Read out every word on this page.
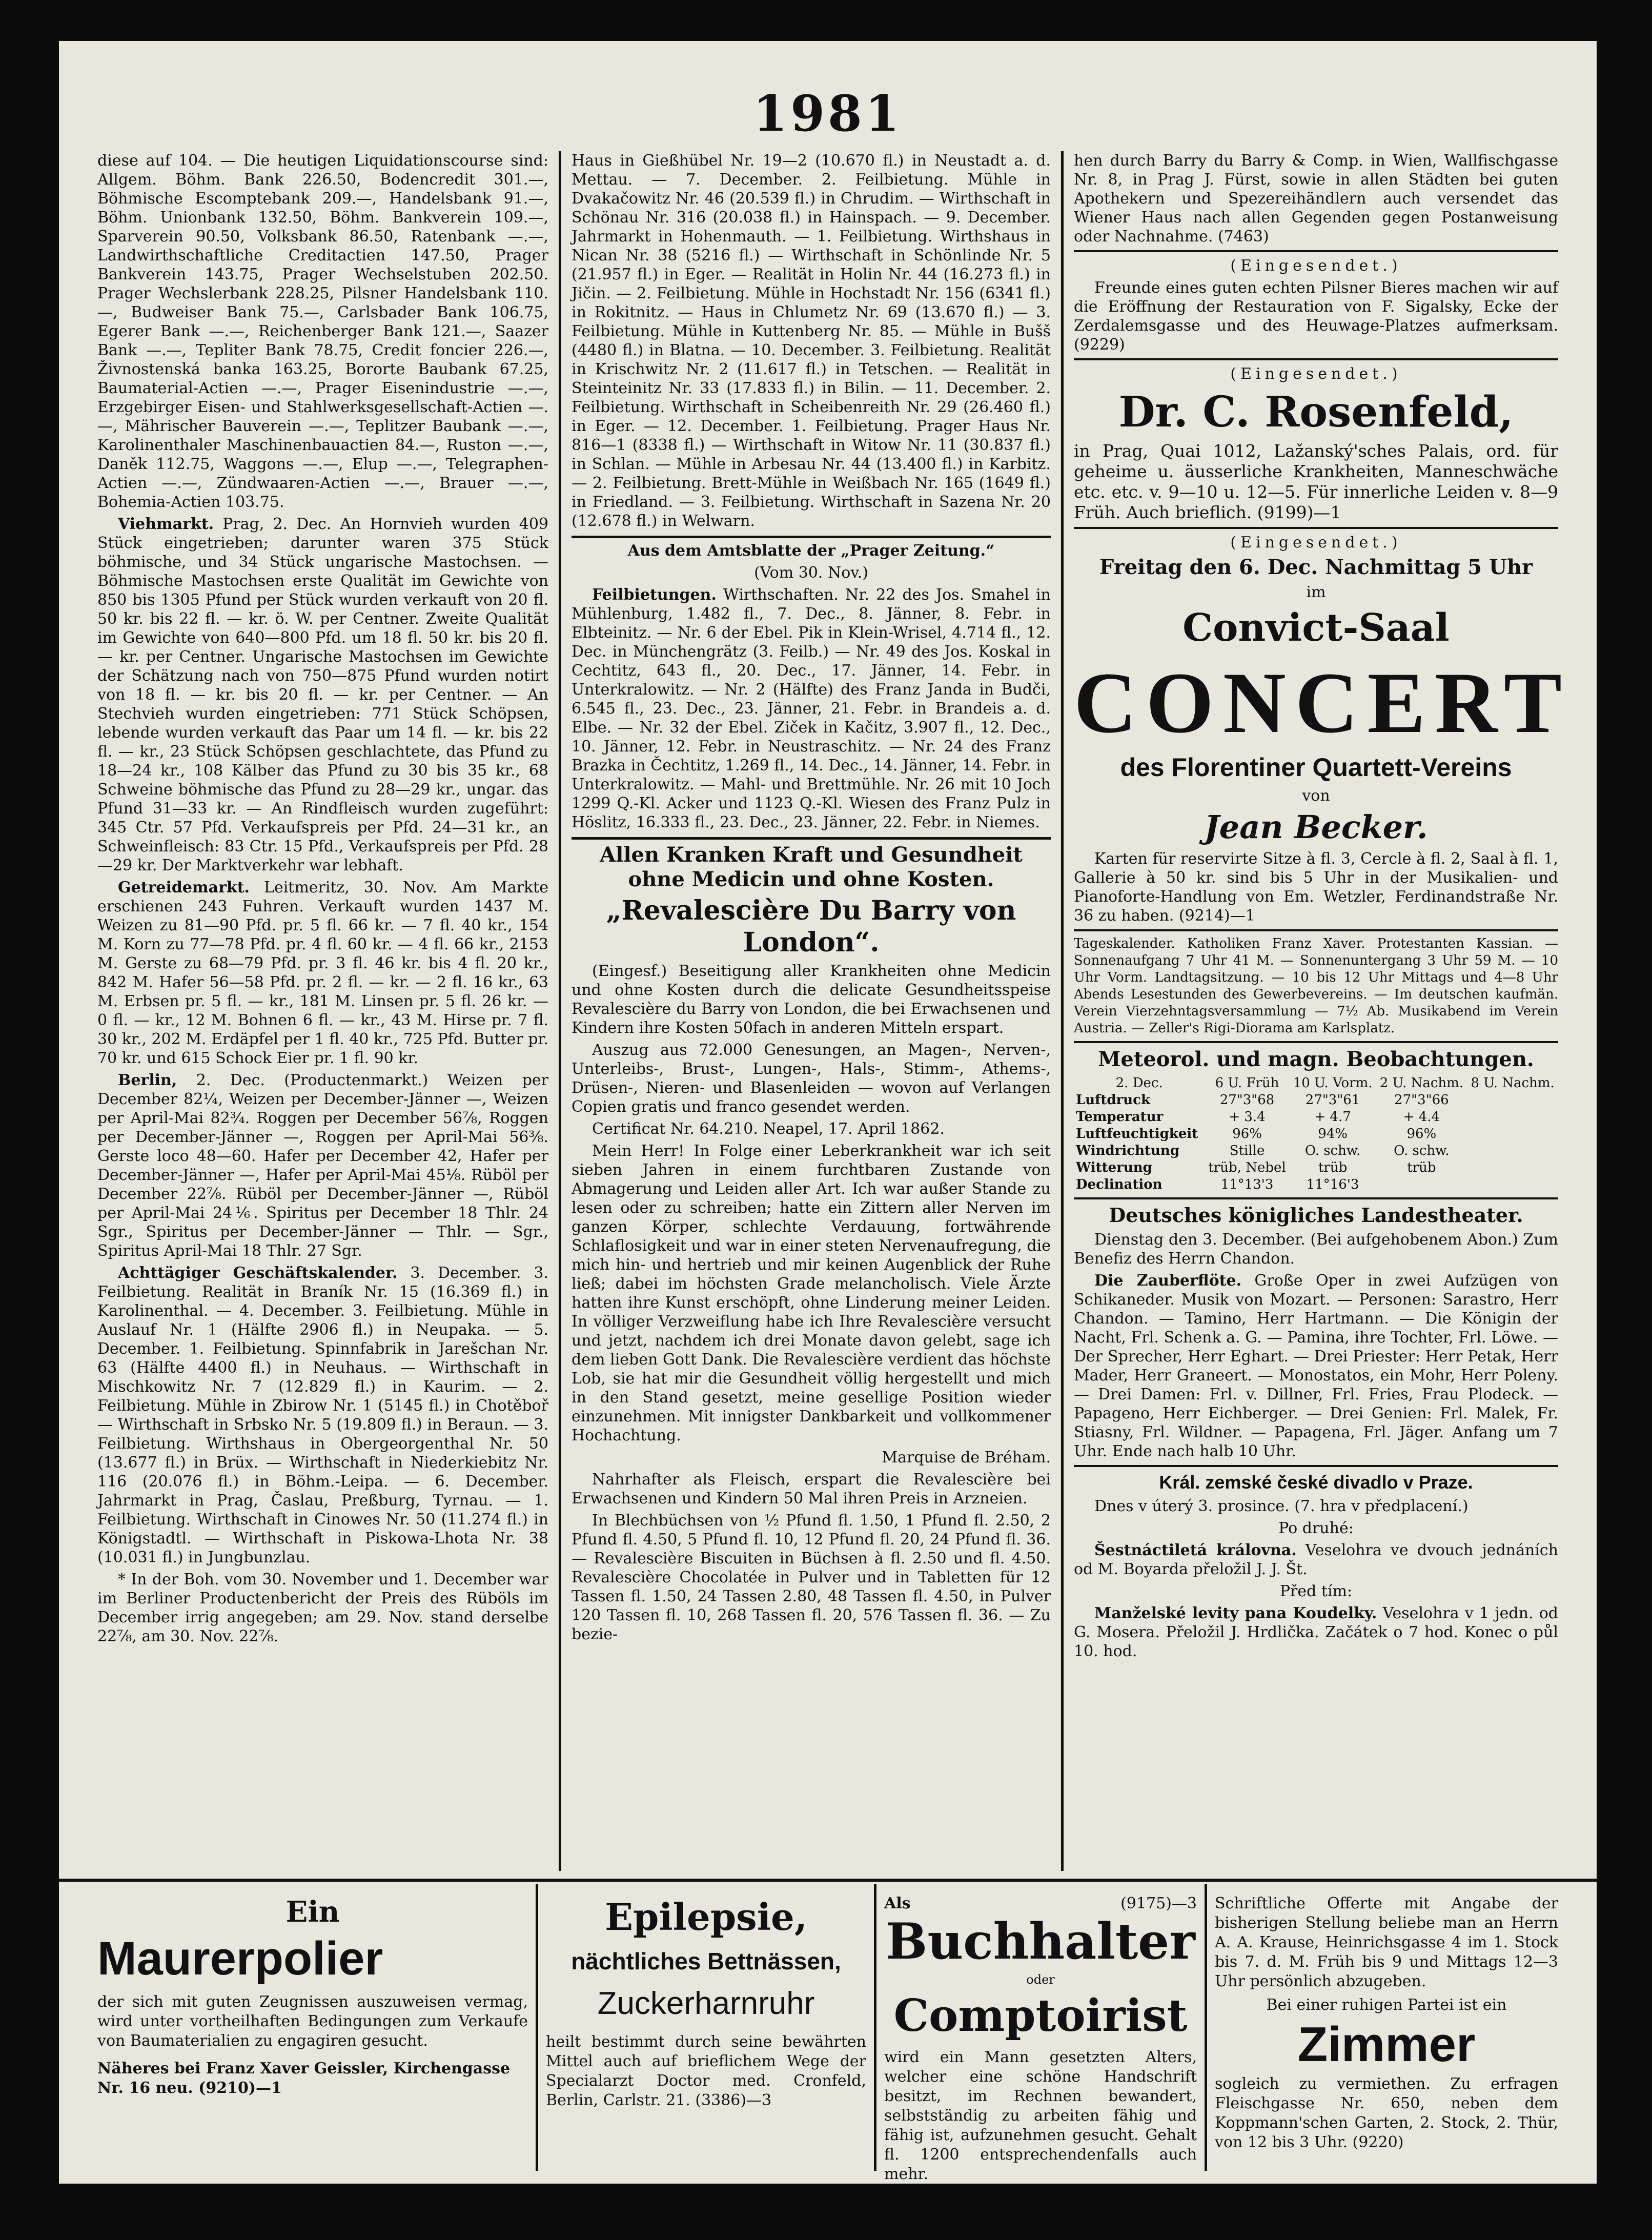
1981

diese auf 104. — Die heutigen Liquidationscourse sind: Allgem. Böhm. Bank 226.50, Bodencredit 301.—, Böhmische Escomptebank 209.—, Handelsbank 91.—, Böhm. Unionbank 132.50, Böhm. Bankverein 109.—, Sparverein 90.50, Volksbank 86.50, Ratenbank —.—, Landwirthschaftliche Creditactien 147.50, Prager Bankverein 143.75, Prager Wechselstuben 202.50. Prager Wechslerbank 228.25, Pilsner Handelsbank 110.—, Budweiser Bank 75.—, Carlsbader Bank 106.75, Egerer Bank —.—, Reichenberger Bank 121.—, Saazer Bank —.—, Tepliter Bank 78.75, Credit foncier 226.—, Živnostenská banka 163.25, Bororte Baubank 67.25, Baumaterial-Actien —.—, Prager Eisenindustrie —.—, Erzgebirger Eisen- und Stahlwerksgesellschaft-Actien —.—, Mährischer Bauverein —.—, Teplitzer Baubank —.—, Karolinenthaler Maschinenbauactien 84.—, Ruston —.—, Daněk 112.75, Waggons —.—, Elup —.—, Telegraphen-Actien —.—, Zündwaaren-Actien —.—, Brauer —.—, Bohemia-Actien 103.75.

Viehmarkt. Prag, 2. Dec. An Hornvieh wurden 409 Stück eingetrieben; darunter waren 375 Stück böhmische, und 34 Stück ungarische Mastochsen. — Böhmische Mastochsen erste Qualität im Gewichte von 850 bis 1305 Pfund per Stück wurden verkauft von 20 fl. 50 kr. bis 22 fl. — kr. ö. W. per Centner. Zweite Qualität im Gewichte von 640—800 Pfd. um 18 fl. 50 kr. bis 20 fl. — kr. per Centner. Ungarische Mastochsen im Gewichte der Schätzung nach von 750—875 Pfund wurden notirt von 18 fl. — kr. bis 20 fl. — kr. per Centner. — An Stechvieh wurden eingetrieben: 771 Stück Schöpsen, lebende wurden verkauft das Paar um 14 fl. — kr. bis 22 fl. — kr., 23 Stück Schöpsen geschlachtete, das Pfund zu 18—24 kr., 108 Kälber das Pfund zu 30 bis 35 kr., 68 Schweine böhmische das Pfund zu 28—29 kr., ungar. das Pfund 31—33 kr. — An Rindfleisch wurden zugeführt: 345 Ctr. 57 Pfd. Verkaufspreis per Pfd. 24—31 kr., an Schweinfleisch: 83 Ctr. 15 Pfd., Verkaufspreis per Pfd. 28—29 kr. Der Marktverkehr war lebhaft.

Getreidemarkt. Leitmeritz, 30. Nov. Am Markte erschienen 243 Fuhren. Verkauft wurden 1437 M. Weizen zu 81—90 Pfd. pr. 5 fl. 66 kr. — 7 fl. 40 kr., 154 M. Korn zu 77—78 Pfd. pr. 4 fl. 60 kr. — 4 fl. 66 kr., 2153 M. Gerste zu 68—79 Pfd. pr. 3 fl. 46 kr. bis 4 fl. 20 kr., 842 M. Hafer 56—58 Pfd. pr. 2 fl. — kr. — 2 fl. 16 kr., 63 M. Erbsen pr. 5 fl. — kr., 181 M. Linsen pr. 5 fl. 26 kr. — 0 fl. — kr., 12 M. Bohnen 6 fl. — kr., 43 M. Hirse pr. 7 fl. 30 kr., 202 M. Erdäpfel per 1 fl. 40 kr., 725 Pfd. Butter pr. 70 kr. und 615 Schock Eier pr. 1 fl. 90 kr.

Berlin, 2. Dec. (Productenmarkt.) Weizen per December 82¼, Weizen per December-Jänner —, Weizen per April-Mai 82¾. Roggen per December 56⅞, Roggen per December-Jänner —, Roggen per April-Mai 56⅜. Gerste loco 48—60. Hafer per December 42, Hafer per December-Jänner —, Hafer per April-Mai 45⅛. Rüböl per December 22⅞. Rüböl per December-Jänner —, Rüböl per April-Mai 24⅙. Spiritus per December 18 Thlr. 24 Sgr., Spiritus per December-Jänner — Thlr. — Sgr., Spiritus April-Mai 18 Thlr. 27 Sgr.

Achttägiger Geschäftskalender. 3. December. 3. Feilbietung. Realität in Braník Nr. 15 (16.369 fl.) in Karolinenthal. — 4. December. 3. Feilbietung. Mühle in Auslauf Nr. 1 (Hälfte 2906 fl.) in Neupaka. — 5. December. 1. Feilbietung. Spinnfabrik in Jarešchan Nr. 63 (Hälfte 4400 fl.) in Neuhaus. — Wirthschaft in Mischkowitz Nr. 7 (12.829 fl.) in Kaurim. — 2. Feilbietung. Mühle in Zbirow Nr. 1 (5145 fl.) in Chotěboř — Wirthschaft in Srbsko Nr. 5 (19.809 fl.) in Beraun. — 3. Feilbietung. Wirthshaus in Obergeorgenthal Nr. 50 (13.677 fl.) in Brüx. — Wirthschaft in Niederkiebitz Nr. 116 (20.076 fl.) in Böhm.-Leipa. — 6. December. Jahrmarkt in Prag, Časlau, Preßburg, Tyrnau. — 1. Feilbietung. Wirthschaft in Cinowes Nr. 50 (11.274 fl.) in Königstadtl. — Wirthschaft in Piskowa-Lhota Nr. 38 (10.031 fl.) in Jungbunzlau.

* In der Boh. vom 30. November und 1. December war im Berliner Productenbericht der Preis des Rüböls im December irrig angegeben; am 29. Nov. stand derselbe 22⅞, am 30. Nov. 22⅞.

Haus in Gießhübel Nr. 19—2 (10.670 fl.) in Neustadt a. d. Mettau. — 7. December. 2. Feilbietung. Mühle in Dvakačowitz Nr. 46 (20.539 fl.) in Chrudim. — Wirthschaft in Schönau Nr. 316 (20.038 fl.) in Hainspach. — 9. December. Jahrmarkt in Hohenmauth. — 1. Feilbietung. Wirthshaus in Nican Nr. 38 (5216 fl.) — Wirthschaft in Schönlinde Nr. 5 (21.957 fl.) in Eger. — Realität in Holin Nr. 44 (16.273 fl.) in Jičin. — 2. Feilbietung. Mühle in Hochstadt Nr. 156 (6341 fl.) in Rokitnitz. — Haus in Chlumetz Nr. 69 (13.670 fl.) — 3. Feilbietung. Mühle in Kuttenberg Nr. 85. — Mühle in Bušš (4480 fl.) in Blatna. — 10. December. 3. Feilbietung. Realität in Krischwitz Nr. 2 (11.617 fl.) in Tetschen. — Realität in Steinteinitz Nr. 33 (17.833 fl.) in Bilin. — 11. December. 2. Feilbietung. Wirthschaft in Scheibenreith Nr. 29 (26.460 fl.) in Eger. — 12. December. 1. Feilbietung. Prager Haus Nr. 816—1 (8338 fl.) — Wirthschaft in Witow Nr. 11 (30.837 fl.) in Schlan. — Mühle in Arbesau Nr. 44 (13.400 fl.) in Karbitz. — 2. Feilbietung. Brett-Mühle in Weißbach Nr. 165 (1649 fl.) in Friedland. — 3. Feilbietung. Wirthschaft in Sazena Nr. 20 (12.678 fl.) in Welwarn.

Aus dem Amtsblatte der „Prager Zeitung.“

(Vom 30. Nov.)

Feilbietungen. Wirthschaften. Nr. 22 des Jos. Smahel in Mühlenburg, 1.482 fl., 7. Dec., 8. Jänner, 8. Febr. in Elbteinitz. — Nr. 6 der Ebel. Pik in Klein-Wrisel, 4.714 fl., 12. Dec. in Münchengrätz (3. Feilb.) — Nr. 49 des Jos. Koskal in Cechtitz, 643 fl., 20. Dec., 17. Jänner, 14. Febr. in Unterkralowitz. — Nr. 2 (Hälfte) des Franz Janda in Budči, 6.545 fl., 23. Dec., 23. Jänner, 21. Febr. in Brandeis a. d. Elbe. — Nr. 32 der Ebel. Ziček in Kačitz, 3.907 fl., 12. Dec., 10. Jänner, 12. Febr. in Neustraschitz. — Nr. 24 des Franz Brazka in Čechtitz, 1.269 fl., 14. Dec., 14. Jänner, 14. Febr. in Unterkralowitz. — Mahl- und Brettmühle. Nr. 26 mit 10 Joch 1299 Q.-Kl. Acker und 1123 Q.-Kl. Wiesen des Franz Pulz in Höslitz, 16.333 fl., 23. Dec., 23. Jänner, 22. Febr. in Niemes.

Allen Kranken Kraft und Gesundheit ohne Medicin und ohne Kosten.

„Revalescière Du Barry von London“.

(Eingesf.) Beseitigung aller Krankheiten ohne Medicin und ohne Kosten durch die delicate Gesundheitsspeise Revalescière du Barry von London, die bei Erwachsenen und Kindern ihre Kosten 50fach in anderen Mitteln erspart.

Auszug aus 72.000 Genesungen, an Magen-, Nerven-, Unterleibs-, Brust-, Lungen-, Hals-, Stimm-, Athems-, Drüsen-, Nieren- und Blasenleiden — wovon auf Verlangen Copien gratis und franco gesendet werden.

Certificat Nr. 64.210. Neapel, 17. April 1862.

Mein Herr! In Folge einer Leberkrankheit war ich seit sieben Jahren in einem furchtbaren Zustande von Abmagerung und Leiden aller Art. Ich war außer Stande zu lesen oder zu schreiben; hatte ein Zittern aller Nerven im ganzen Körper, schlechte Verdauung, fortwährende Schlaflosigkeit und war in einer steten Nervenaufregung, die mich hin- und hertrieb und mir keinen Augenblick der Ruhe ließ; dabei im höchsten Grade melancholisch. Viele Ärzte hatten ihre Kunst erschöpft, ohne Linderung meiner Leiden. In völliger Verzweiflung habe ich Ihre Revalescière versucht und jetzt, nachdem ich drei Monate davon gelebt, sage ich dem lieben Gott Dank. Die Revalescière verdient das höchste Lob, sie hat mir die Gesundheit völlig hergestellt und mich in den Stand gesetzt, meine gesellige Position wieder einzunehmen. Mit innigster Dankbarkeit und vollkommener Hochachtung.

Marquise de Bréham.

Nahrhafter als Fleisch, erspart die Revalescière bei Erwachsenen und Kindern 50 Mal ihren Preis in Arzneien.

In Blechbüchsen von ½ Pfund fl. 1.50, 1 Pfund fl. 2.50, 2 Pfund fl. 4.50, 5 Pfund fl. 10, 12 Pfund fl. 20, 24 Pfund fl. 36. — Revalescière Biscuiten in Büchsen à fl. 2.50 und fl. 4.50. Revalescière Chocolatée in Pulver und in Tabletten für 12 Tassen fl. 1.50, 24 Tassen 2.80, 48 Tassen fl. 4.50, in Pulver 120 Tassen fl. 10, 268 Tassen fl. 20, 576 Tassen fl. 36. — Zu bezie-

hen durch Barry du Barry & Comp. in Wien, Wallfischgasse Nr. 8, in Prag J. Fürst, sowie in allen Städten bei guten Apothekern und Spezereihändlern auch versendet das Wiener Haus nach allen Gegenden gegen Postanweisung oder Nachnahme. (7463)

(Eingesendet.)

Freunde eines guten echten Pilsner Bieres machen wir auf die Eröffnung der Restauration von F. Sigalsky, Ecke der Zerdalemsgasse und des Heuwage-Platzes aufmerksam. (9229)

(Eingesendet.)

Dr. C. Rosenfeld,

in Prag, Quai 1012, Lažanský'sches Palais, ord. für geheime u. äusserliche Krankheiten, Manneschwäche etc. etc. v. 9—10 u. 12—5. Für innerliche Leiden v. 8—9 Früh. Auch brieflich. (9199)—1

(Eingesendet.)

Freitag den 6. Dec. Nachmittag 5 Uhr

im

Convict-Saal

CONCERT

des Florentiner Quartett-Vereins

von

Jean Becker.

Karten für reservirte Sitze à fl. 3, Cercle à fl. 2, Saal à fl. 1, Gallerie à 50 kr. sind bis 5 Uhr in der Musikalien- und Pianoforte-Handlung von Em. Wetzler, Ferdinandstraße Nr. 36 zu haben. (9214)—1

Tageskalender. Katholiken Franz Xaver. Protestanten Kassian. — Sonnenaufgang 7 Uhr 41 M. — Sonnenuntergang 3 Uhr 59 M. — 10 Uhr Vorm. Landtagsitzung. — 10 bis 12 Uhr Mittags und 4—8 Uhr Abends Lesestunden des Gewerbevereins. — Im deutschen kaufmän. Verein Vierzehntagsversammlung — 7½ Ab. Musikabend im Verein Austria. — Zeller's Rigi-Diorama am Karlsplatz.

Meteorol. und magn. Beobachtungen.

2. Dec.	6 U. Früh	10 U. Vorm.	2 U. Nachm.	8 U. Nachm.
Luftdruck	27"3"68	27"3"61	27"3"66	
Temperatur	+ 3.4	+ 4.7	+ 4.4	
Luftfeuchtigkeit	96%	94%	96%	
Windrichtung	Stille	O. schw.	O. schw.	
Witterung	trüb, Nebel	trüb	trüb	
Declination	11°13'3	11°16'3		

Deutsches königliches Landestheater.

Dienstag den 3. December. (Bei aufgehobenem Abon.) Zum Benefiz des Herrn Chandon.

Die Zauberflöte. Große Oper in zwei Aufzügen von Schikaneder. Musik von Mozart. — Personen: Sarastro, Herr Chandon. — Tamino, Herr Hartmann. — Die Königin der Nacht, Frl. Schenk a. G. — Pamina, ihre Tochter, Frl. Löwe. — Der Sprecher, Herr Eghart. — Drei Priester: Herr Petak, Herr Mader, Herr Graneert. — Monostatos, ein Mohr, Herr Poleny. — Drei Damen: Frl. v. Dillner, Frl. Fries, Frau Plodeck. — Papageno, Herr Eichberger. — Drei Genien: Frl. Malek, Fr. Stiasny, Frl. Wildner. — Papagena, Frl. Jäger. Anfang um 7 Uhr. Ende nach halb 10 Uhr.

Král. zemské české divadlo v Praze.

Dnes v úterý 3. prosince. (7. hra v předplacení.)

Po druhé:

Šestnáctiletá královna. Veselohra ve dvouch jednáních od M. Boyarda přeložil J. J. Št.

Před tím:

Manželské levity pana Koudelky. Veselohra v 1 jedn. od G. Mosera. Přeložil J. Hrdlička. Začátek o 7 hod. Konec o půl 10. hod.

Ein
Maurerpolier
der sich mit guten Zeugnissen auszuweisen vermag, wird unter vortheilhaften Bedingungen zum Verkaufe von Baumaterialien zu engagiren gesucht.
Näheres bei Franz Xaver Geissler, Kirchengasse Nr. 16 neu. (9210)—1
Epilepsie,
nächtliches Bettnässen,
Zuckerharnruhr
heilt bestimmt durch seine bewährten Mittel auch auf brieflichem Wege der Specialarzt Doctor med. Cronfeld, Berlin, Carlstr. 21. (3386)—3
Als	(9175)—3
Buchhalter
oder
Comptoirist
wird ein Mann gesetzten Alters, welcher eine schöne Handschrift besitzt, im Rechnen bewandert, selbstständig zu arbeiten fähig und fähig ist, aufzunehmen gesucht. Gehalt fl. 1200 entsprechendenfalls auch mehr.
Schriftliche Offerte mit Angabe der bisherigen Stellung beliebe man an Herrn A. A. Krause, Heinrichsgasse 4 im 1. Stock bis 7. d. M. Früh bis 9 und Mittags 12—3 Uhr persönlich abzugeben.
Bei einer ruhigen Partei ist ein
Zimmer
sogleich zu vermiethen. Zu erfragen Fleischgasse Nr. 650, neben dem Koppmann'schen Garten, 2. Stock, 2. Thür, von 12 bis 3 Uhr. (9220)
